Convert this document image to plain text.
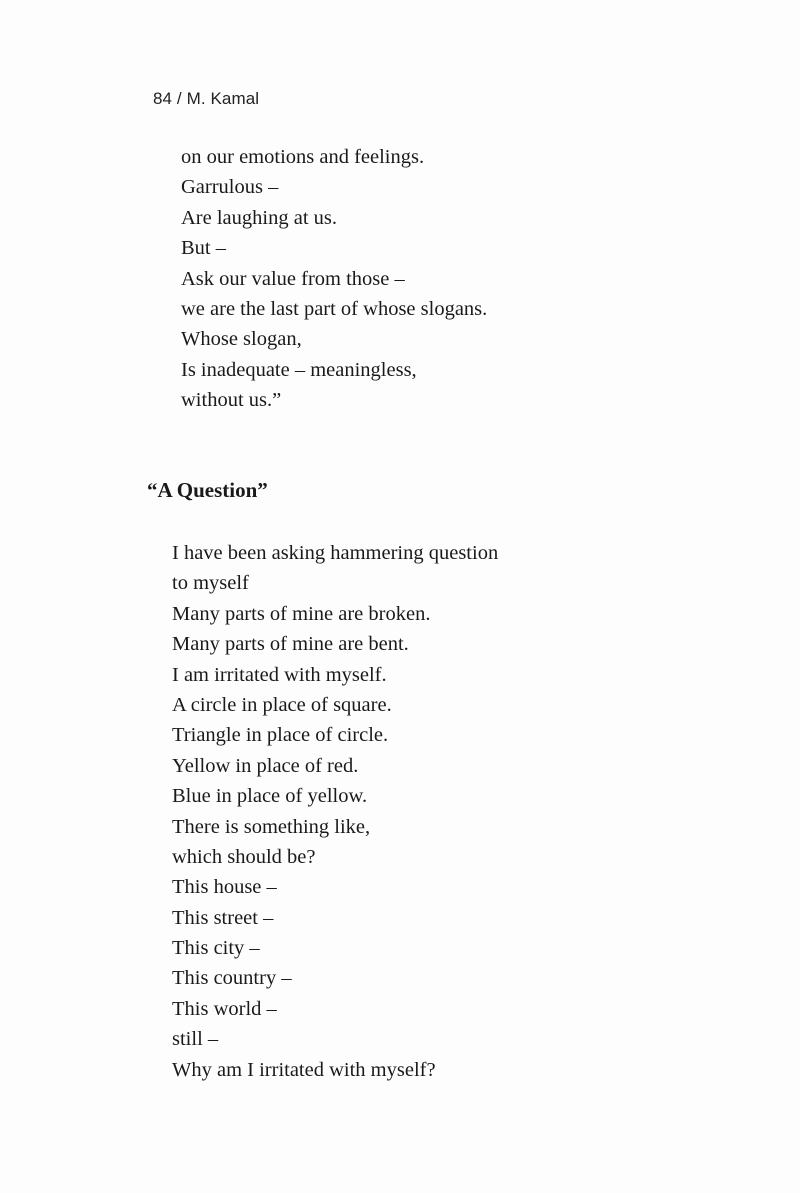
84 / M. Kamal
on our emotions and feelings.
Garrulous –
Are laughing at us.
But –
Ask our value from those –
we are the last part of whose slogans.
Whose slogan,
Is inadequate – meaningless,
without us.”
“A Question”
I have been asking hammering question
to myself
Many parts of mine are broken.
Many parts of mine are bent.
I am irritated with myself.
A circle in place of square.
Triangle in place of circle.
Yellow in place of red.
Blue in place of yellow.
There is something like,
which should be?
This house –
This street –
This city –
This country –
This world –
still –
Why am I irritated with myself?
